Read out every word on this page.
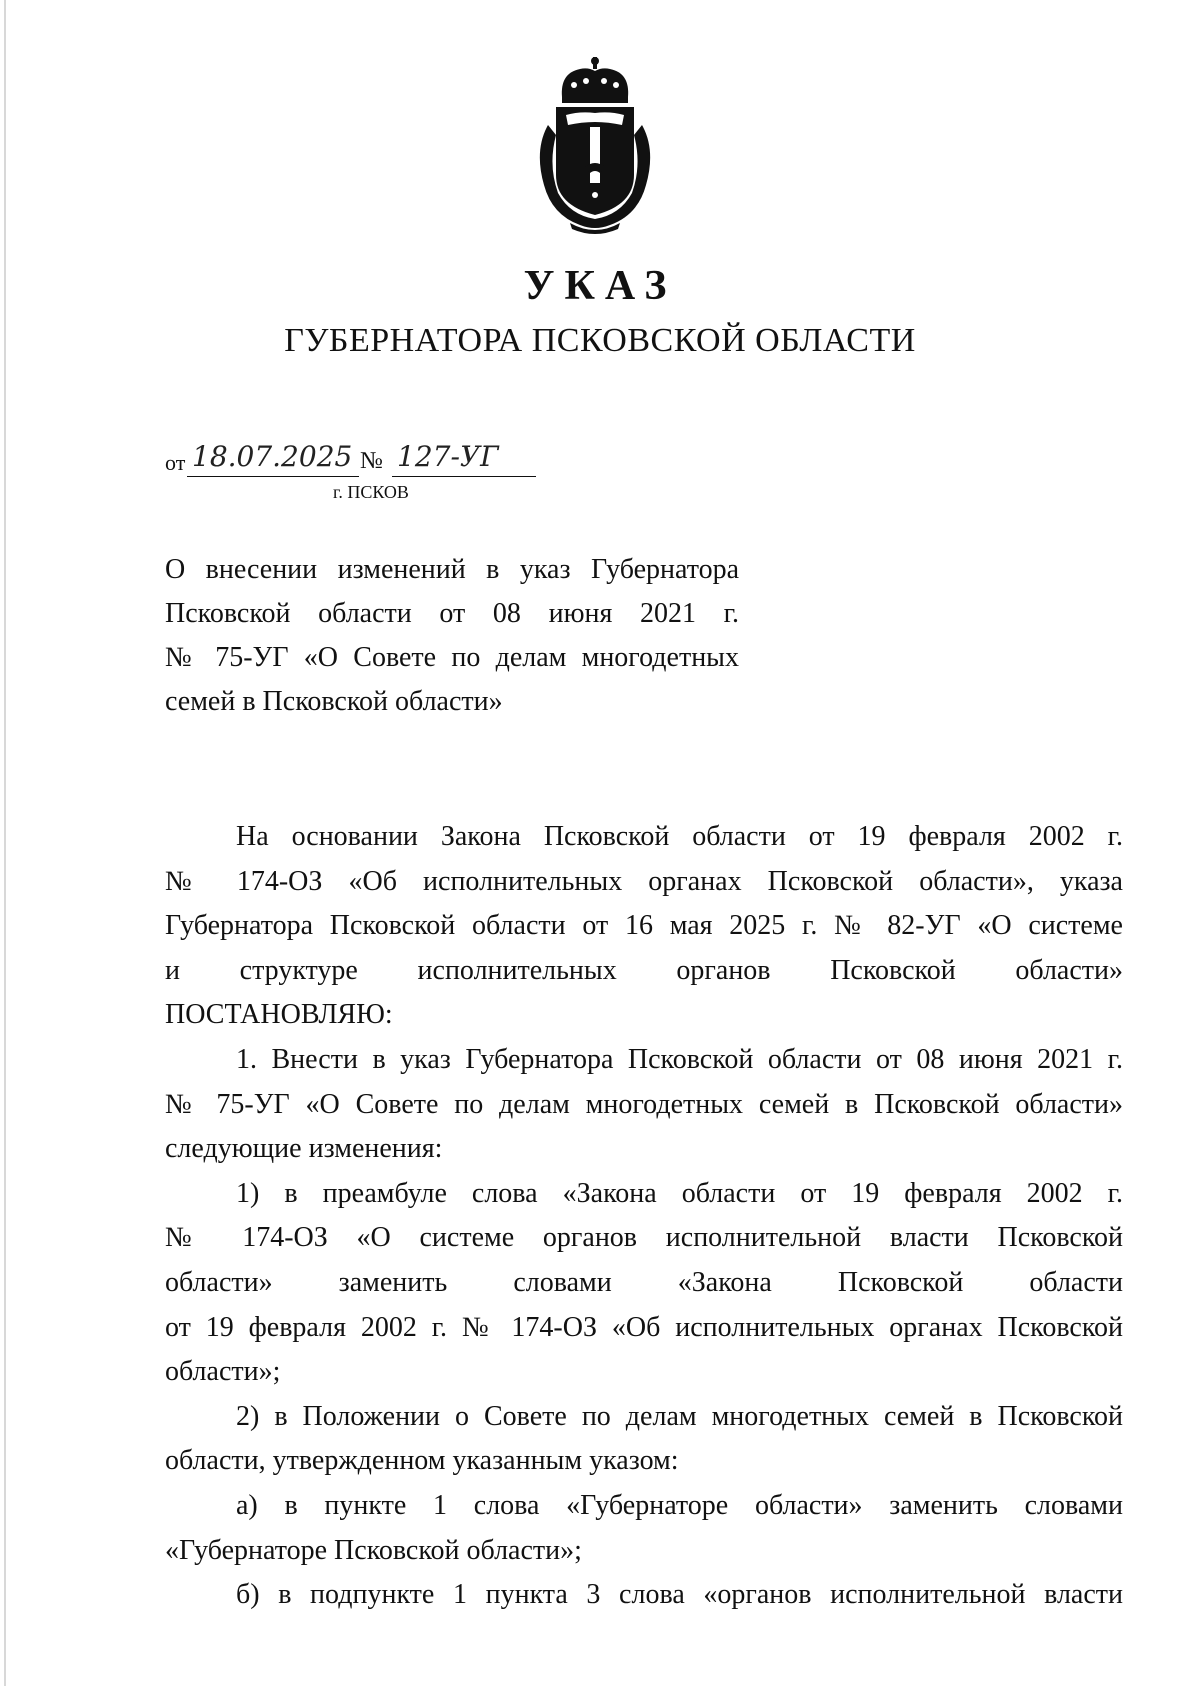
УКАЗ
ГУБЕРНАТОРА ПСКОВСКОЙ ОБЛАСТИ
от 18.07.2025 № 127-УГ
г. ПСКОВ
О внесении изменений в указ Губернатора
Псковской области от 08 июня 2021 г.
№ 75-УГ «О Совете по делам многодетных
семей в Псковской области»
На основании Закона Псковской области от 19 февраля 2002 г.
№ 174-ОЗ «Об исполнительных органах Псковской области», указа
Губернатора Псковской области от 16 мая 2025 г. № 82-УГ «О системе
и структуре исполнительных органов Псковской области»
ПОСТАНОВЛЯЮ:
1. Внести в указ Губернатора Псковской области от 08 июня 2021 г.
№ 75-УГ «О Совете по делам многодетных семей в Псковской области»
следующие изменения:
1) в преамбуле слова «Закона области от 19 февраля 2002 г.
№ 174-ОЗ «О системе органов исполнительной власти Псковской
области» заменить словами «Закона Псковской области
от 19 февраля 2002 г. № 174-ОЗ «Об исполнительных органах Псковской
области»;
2) в Положении о Совете по делам многодетных семей в Псковской
области, утвержденном указанным указом:
а) в пункте 1 слова «Губернаторе области» заменить словами
«Губернаторе Псковской области»;
б) в подпункте 1 пункта 3 слова «органов исполнительной власти
